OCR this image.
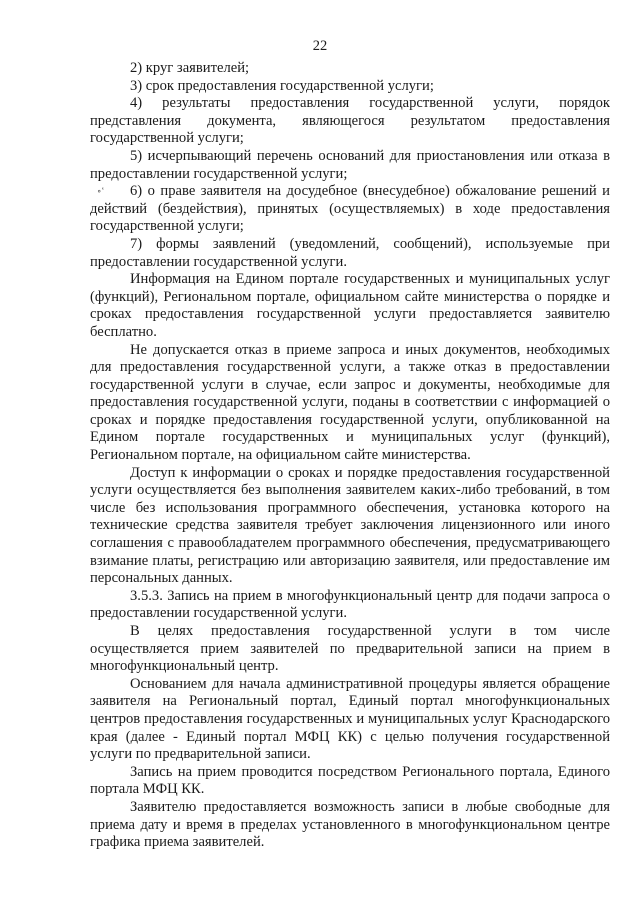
22
∘ʽ

2) круг заявителей;

3) срок предоставления государственной услуги;

4) результаты предоставления государственной услуги, порядок представления документа, являющегося результатом предоставления государственной услуги;

5) исчерпывающий перечень оснований для приостановления или отказа в предоставлении государственной услуги;

6) о праве заявителя на досудебное (внесудебное) обжалование решений и действий (бездействия), принятых (осуществляемых) в ходе предоставления государственной услуги;

7) формы заявлений (уведомлений, сообщений), используемые при предоставлении государственной услуги.

Информация на Едином портале государственных и муниципальных услуг (функций), Региональном портале, официальном сайте министерства о порядке и сроках предоставления государственной услуги предоставляется заявителю бесплатно.

Не допускается отказ в приеме запроса и иных документов, необходимых для предоставления государственной услуги, а также отказ в предоставлении государственной услуги в случае, если запрос и документы, необходимые для предоставления государственной услуги, поданы в соответствии с информацией о сроках и порядке предоставления государственной услуги, опубликованной на Едином портале государственных и муниципальных услуг (функций), Региональном портале, на официальном сайте министерства.

Доступ к информации о сроках и порядке предоставления государственной услуги осуществляется без выполнения заявителем каких-либо требований, в том числе без использования программного обеспечения, установка которого на технические средства заявителя требует заключения лицензионного или иного соглашения с правообладателем программного обеспечения, предусматривающего взимание платы, регистрацию или авторизацию заявителя, или предоставление им персональных данных.

3.5.3. Запись на прием в многофункциональный центр для подачи запроса о предоставлении государственной услуги.

В целях предоставления государственной услуги в том числе осуществляется прием заявителей по предварительной записи на прием в многофункциональный центр.

Основанием для начала административной процедуры является обращение заявителя на Региональный портал, Единый портал многофункциональных центров предоставления государственных и муниципальных услуг Краснодарского края (далее - Единый портал МФЦ КК) с целью получения государственной услуги по предварительной записи.

Запись на прием проводится посредством Регионального портала, Единого портала МФЦ КК.

Заявителю предоставляется возможность записи в любые свободные для приема дату и время в пределах установленного в многофункциональном центре графика приема заявителей.
